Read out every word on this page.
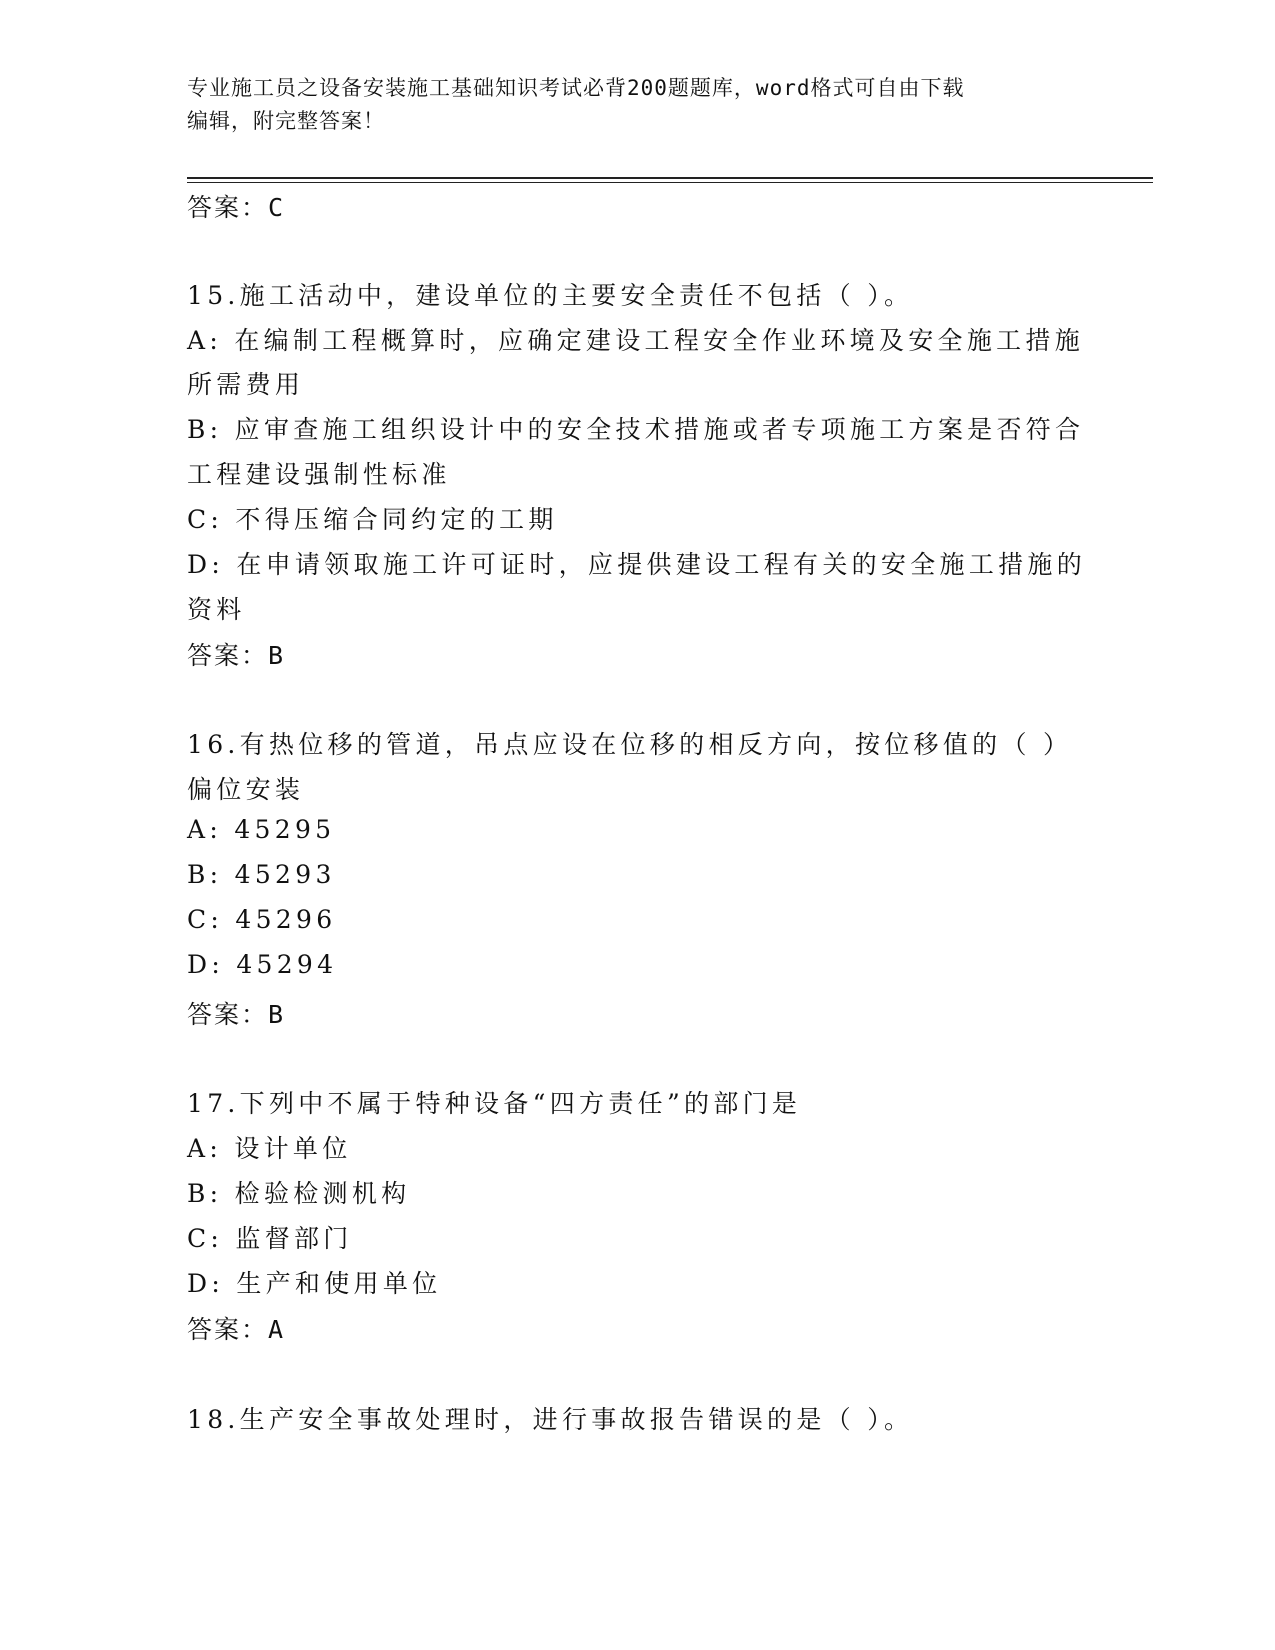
专业施工员之设备安装施工基础知识考试必背200题题库，word格式可自由下载
编辑，附完整答案！
答案：C
15.施工活动中，建设单位的主要安全责任不包括（ ）。
A: 在编制工程概算时，应确定建设工程安全作业环境及安全施工措施
所需费用
B: 应审查施工组织设计中的安全技术措施或者专项施工方案是否符合
工程建设强制性标准
C: 不得压缩合同约定的工期
D: 在申请领取施工许可证时，应提供建设工程有关的安全施工措施的
资料
答案：B
16.有热位移的管道，吊点应设在位移的相反方向，按位移值的（ ）
偏位安装
A: 45295
B: 45293
C: 45296
D: 45294
答案：B
17.下列中不属于特种设备“四方责任”的部门是
A: 设计单位
B: 检验检测机构
C: 监督部门
D: 生产和使用单位
答案：A
18.生产安全事故处理时，进行事故报告错误的是（ ）。
